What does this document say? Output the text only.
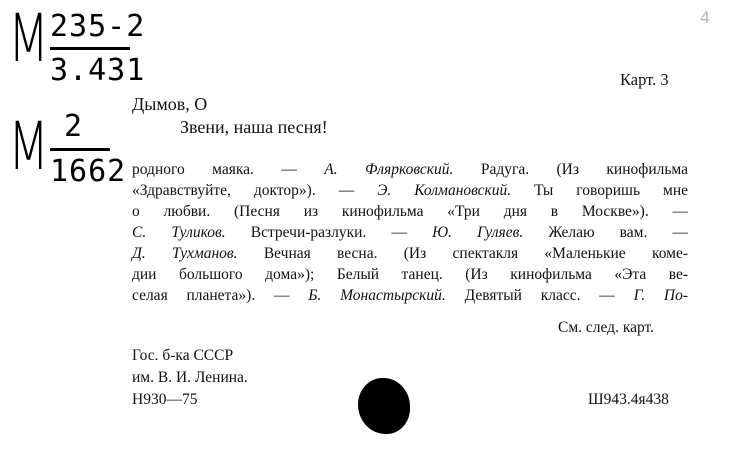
M 235-2
3.431
M 2
1662
4
Карт. 3
Дымов, О
Звени, наша песня!
родного маяка. — А. Флярковский. Радуга. (Из кинофильма
«Здравствуйте, доктор»). — Э. Колмановский. Ты говоришь мне
о любви. (Песня из кинофильма «Три дня в Москве»). —
С. Туликов. Встречи-разлуки. — Ю. Гуляев. Желаю вам. —
Д. Тухманов. Вечная весна. (Из спектакля «Маленькие коме-
дии большого дома»); Белый танец. (Из кинофильма «Эта ве-
селая планета»). — Б. Монастырский. Девятый класс. — Г. По-
См. след. карт.
Гос. б-ка СССР
им. В. И. Ленина.
Н930—75	Ш943.4я438
